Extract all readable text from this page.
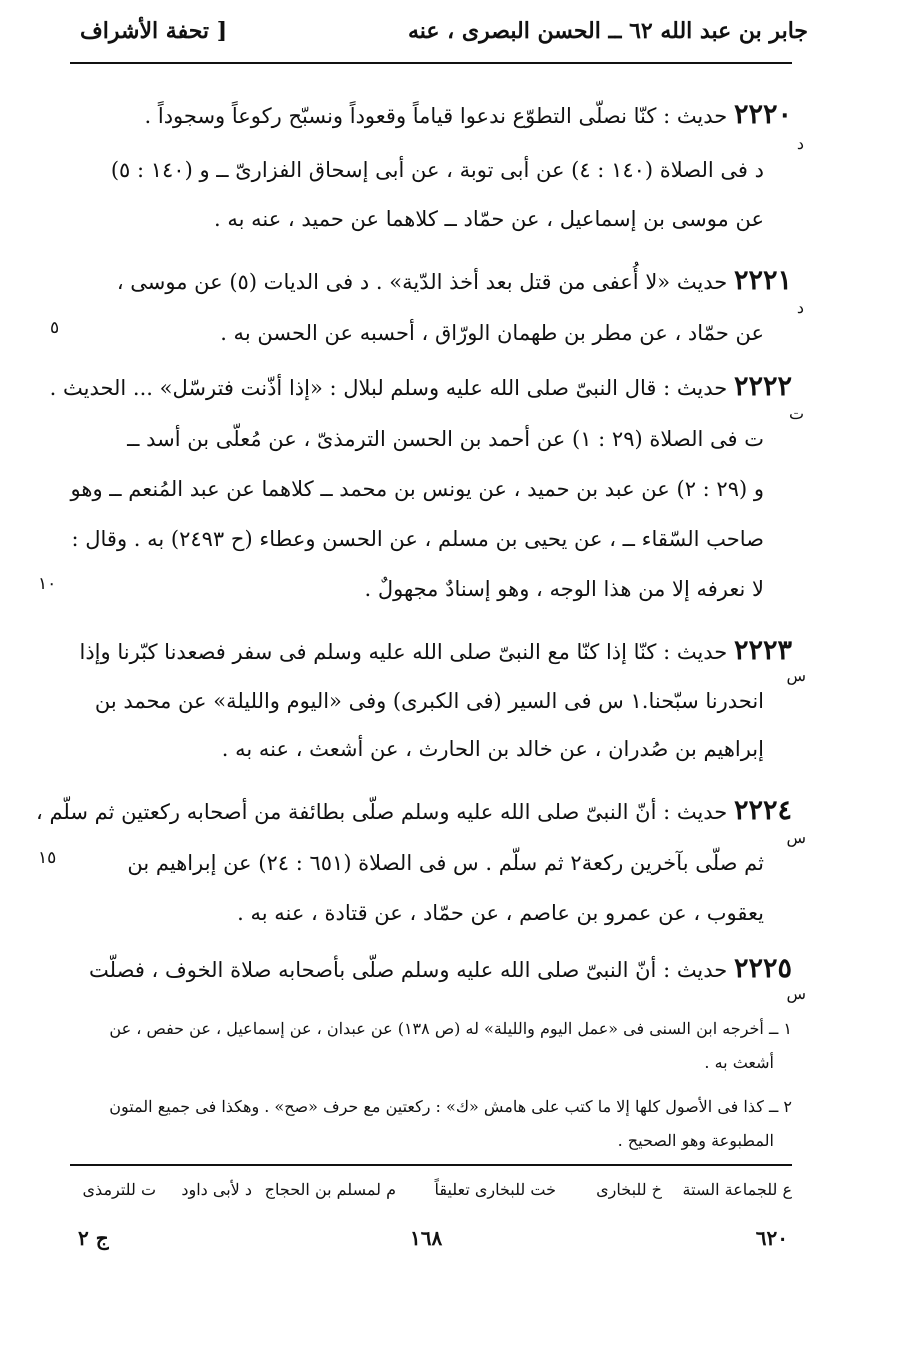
جابر بن عبد الله ٦٢ ــ الحسن البصرى ، عنه
[ تحفة الأشراف
٢٢٢٠ حديث : كنّا نصلّى التطوّع ندعوا قياماً وقعوداً ونسبّح ركوعاً وسجوداً .
د
د فى الصلاة (١٤٠ : ٤) عن أبى توبة ، عن أبى إسحاق الفزارىّ ــ و (١٤٠ : ٥)
عن موسى بن إسماعيل ، عن حمّاد ــ كلاهما عن حميد ، عنه به .
٢٢٢١ حديث «لا أُعفى من قتل بعد أخذ الدّية» . د فى الديات (٥) عن موسى ،
د
عن حمّاد ، عن مطر بن طهمان الورّاق ، أحسبه عن الحسن به .
٥
٢٢٢٢ حديث : قال النبىّ صلى الله عليه وسلم لبلال : «إذا أذّنت فترسّل» ... الحديث .
ت
ت فى الصلاة (٢٩ : ١) عن أحمد بن الحسن الترمذىّ ، عن مُعلّى بن أسد ــ
و (٢٩ : ٢) عن عبد بن حميد ، عن يونس بن محمد ــ كلاهما عن عبد المُنعم ــ وهو
صاحب السّقاء ــ ، عن يحيى بن مسلم ، عن الحسن وعطاء (ح ٢٤٩٣) به . وقال :
لا نعرفه إلا من هذا الوجه ، وهو إسنادٌ مجهولٌ .
١٠
٢٢٢٣ حديث : كنّا إذا كنّا مع النبىّ صلى الله عليه وسلم فى سفر فصعدنا كبّرنا وإذا
س
انحدرنا سبّحنا.١ س فى السير (فى الكبرى) وفى «اليوم والليلة» عن محمد بن
إبراهيم بن صُدران ، عن خالد بن الحارث ، عن أشعث ، عنه به .
٢٢٢٤ حديث : أنّ النبىّ صلى الله عليه وسلم صلّى بطائفة من أصحابه ركعتين ثم سلّم ،
س
ثم صلّى بآخرين ركعة٢ ثم سلّم . س فى الصلاة (٦٥١ : ٢٤) عن إبراهيم بن
١٥
يعقوب ، عن عمرو بن عاصم ، عن حمّاد ، عن قتادة ، عنه به .
٢٢٢٥ حديث : أنّ النبىّ صلى الله عليه وسلم صلّى بأصحابه صلاة الخوف ، فصلّت
س
١ ــ أخرجه ابن السنى فى «عمل اليوم والليلة» له (ص ١٣٨) عن عبدان ، عن إسماعيل ، عن حفص ، عن
أشعث به .
٢ ــ كذا فى الأصول كلها إلا ما كتب على هامش «ك» : ركعتين مع حرف «صح» . وهكذا فى جميع المتون
المطبوعة وهو الصحيح .
ع للجماعة الستة
خ للبخارى
خت للبخارى تعليقاً
م لمسلم بن الحجاج
د لأبى داود
ت للترمذى
٦٢٠
١٦٨
ج ٢
